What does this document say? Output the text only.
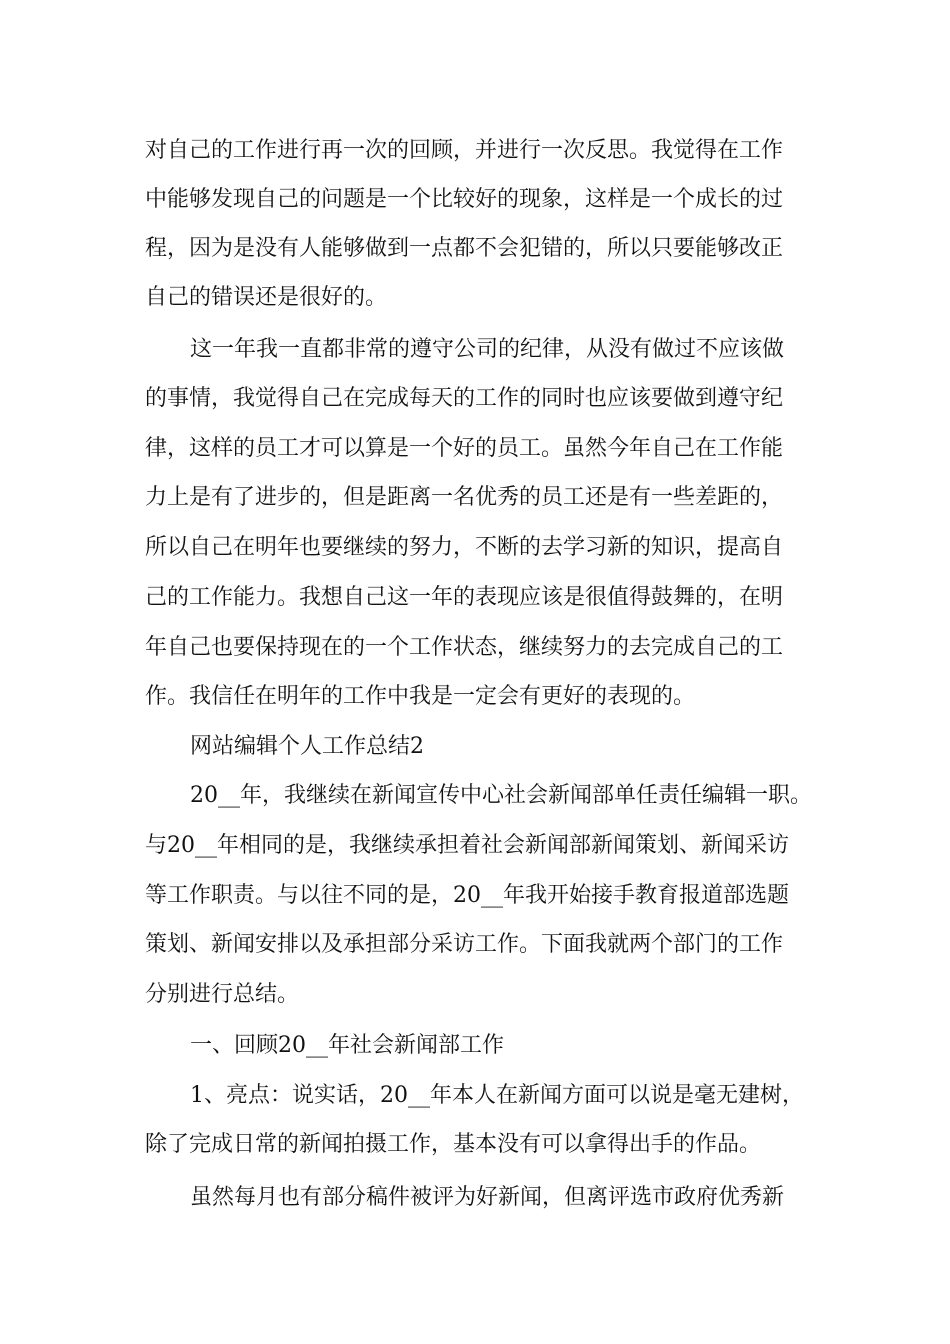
对自己的工作进行再一次的回顾，并进行一次反思。我觉得在工作

中能够发现自己的问题是一个比较好的现象，这样是一个成长的过

程，因为是没有人能够做到一点都不会犯错的，所以只要能够改正

自己的错误还是很好的。

这一年我一直都非常的遵守公司的纪律，从没有做过不应该做

的事情，我觉得自己在完成每天的工作的同时也应该要做到遵守纪

律，这样的员工才可以算是一个好的员工。虽然今年自己在工作能

力上是有了进步的，但是距离一名优秀的员工还是有一些差距的，

所以自己在明年也要继续的努力，不断的去学习新的知识，提高自

己的工作能力。我想自己这一年的表现应该是很值得鼓舞的，在明

年自己也要保持现在的一个工作状态，继续努力的去完成自己的工

作。我信任在明年的工作中我是一定会有更好的表现的。

网站编辑个人工作总结2

20__年，我继续在新闻宣传中心社会新闻部单任责任编辑一职。

与20__年相同的是，我继续承担着社会新闻部新闻策划、新闻采访

等工作职责。与以往不同的是，20__年我开始接手教育报道部选题

策划、新闻安排以及承担部分采访工作。下面我就两个部门的工作

分别进行总结。

一、回顾20__年社会新闻部工作

1、亮点：说实话，20__年本人在新闻方面可以说是毫无建树，

除了完成日常的新闻拍摄工作，基本没有可以拿得出手的作品。

虽然每月也有部分稿件被评为好新闻，但离评选市政府优秀新
